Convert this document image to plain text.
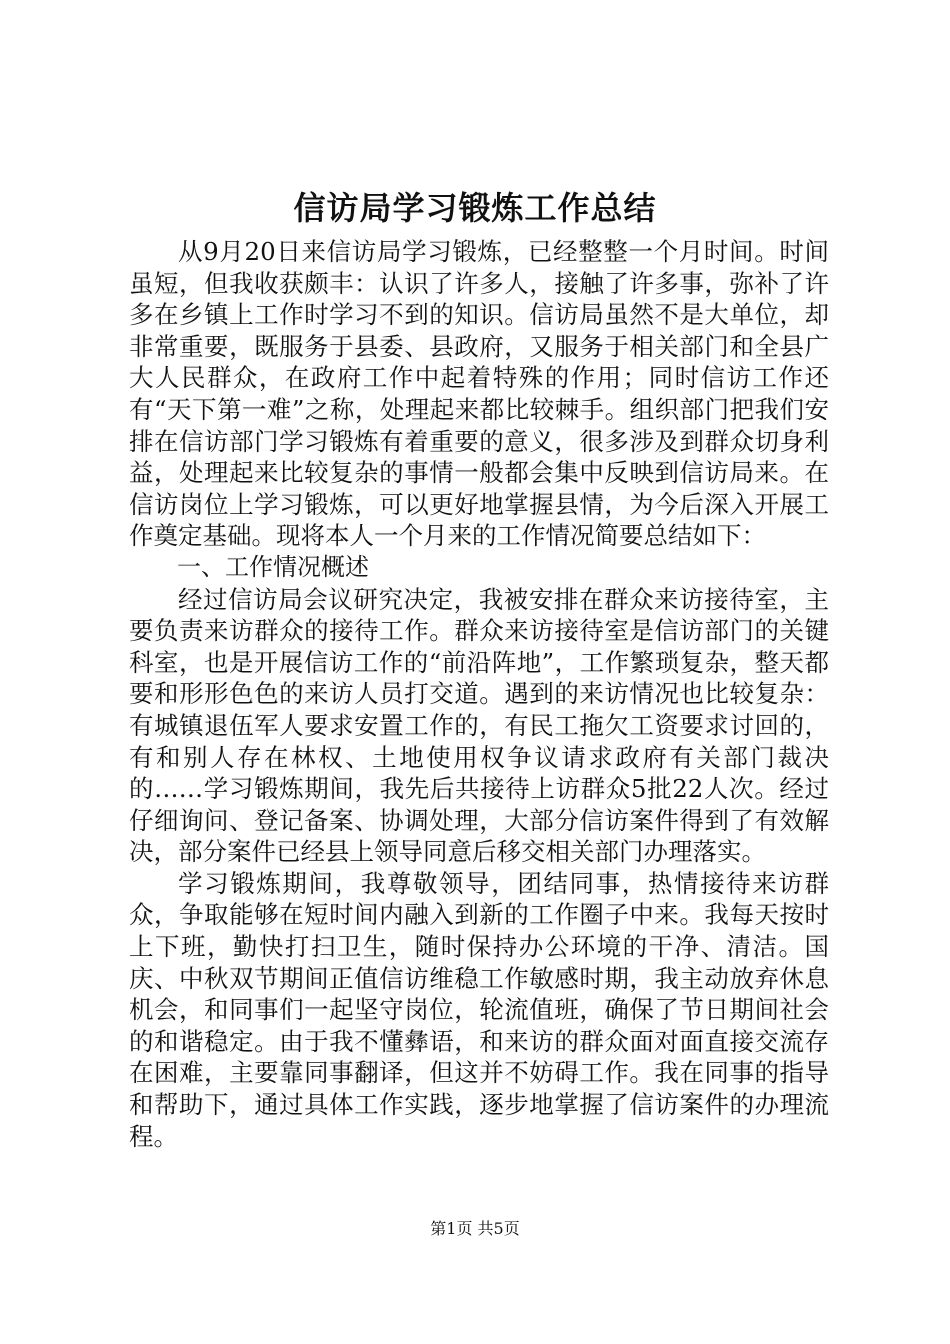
信访局学习锻炼工作总结

从9月20日来信访局学习锻炼，已经整整一个月时间。时间虽短，但我收获颇丰：认识了许多人，接触了许多事，弥补了许多在乡镇上工作时学习不到的知识。信访局虽然不是大单位，却非常重要，既服务于县委、县政府，又服务于相关部门和全县广大人民群众，在政府工作中起着特殊的作用；同时信访工作还有“天下第一难”之称，处理起来都比较棘手。组织部门把我们安排在信访部门学习锻炼有着重要的意义，很多涉及到群众切身利益，处理起来比较复杂的事情一般都会集中反映到信访局来。在信访岗位上学习锻炼，可以更好地掌握县情，为今后深入开展工作奠定基础。现将本人一个月来的工作情况简要总结如下：

一、工作情况概述

经过信访局会议研究决定，我被安排在群众来访接待室，主要负责来访群众的接待工作。群众来访接待室是信访部门的关键科室，也是开展信访工作的“前沿阵地”，工作繁琐复杂，整天都要和形形色色的来访人员打交道。遇到的来访情况也比较复杂：有城镇退伍军人要求安置工作的，有民工拖欠工资要求讨回的，有和别人存在林权、土地使用权争议请求政府有关部门裁决的……学习锻炼期间，我先后共接待上访群众5批22人次。经过仔细询问、登记备案、协调处理，大部分信访案件得到了有效解决，部分案件已经县上领导同意后移交相关部门办理落实。

学习锻炼期间，我尊敬领导，团结同事，热情接待来访群众，争取能够在短时间内融入到新的工作圈子中来。我每天按时上下班，勤快打扫卫生，随时保持办公环境的干净、清洁。国庆、中秋双节期间正值信访维稳工作敏感时期，我主动放弃休息机会，和同事们一起坚守岗位，轮流值班，确保了节日期间社会的和谐稳定。由于我不懂彝语，和来访的群众面对面直接交流存在困难，主要靠同事翻译，但这并不妨碍工作。我在同事的指导和帮助下，通过具体工作实践，逐步地掌握了信访案件的办理流程。

第1页 共5页
